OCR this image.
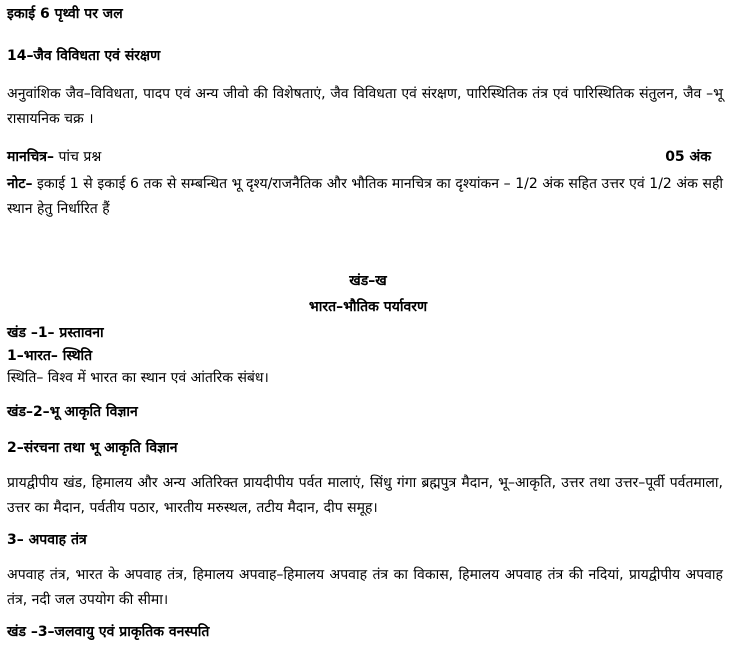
इकाई 6 पृथ्वी पर जल
14–जैव विविधता एवं संरक्षण
अनुवांशिक जैव–विविधता, पादप एवं अन्य जीवो की विशेषताएं, जैव विविधता एवं संरक्षण, पारिस्थितिक तंत्र एवं पारिस्थितिक संतुलन, जैव –भू रासायनिक चक्र ।
मानचित्र– पांच प्रश्न	05 अंक
नोट– इकाई 1 से इकाई 6 तक से सम्बन्धित भू दृश्य/राजनैतिक और भौतिक मानचित्र का दृश्यांकन – 1/2 अंक सहित उत्तर एवं 1/2 अंक सही स्थान हेतु निर्धारित हैं
खंड–ख
भारत–भौतिक पर्यावरण
खंड –1– प्रस्तावना
1–भारत– स्थिति
स्थिति– विश्व में भारत का स्थान एवं आंतरिक संबंध।
खंड–2–भू आकृति विज्ञान
2–संरचना तथा भू आकृति विज्ञान
प्रायद्वीपीय खंड, हिमालय और अन्य अतिरिक्त प्रायदीपीय पर्वत मालाएं, सिंधु गंगा ब्रह्मपुत्र मैदान, भू–आकृति, उत्तर तथा उत्तर–पूर्वी पर्वतमाला, उत्तर का मैदान, पर्वतीय पठार, भारतीय मरुस्थल, तटीय मैदान, दीप समूह।
3– अपवाह तंत्र
अपवाह तंत्र, भारत के अपवाह तंत्र, हिमालय अपवाह–हिमालय अपवाह तंत्र का विकास, हिमालय अपवाह तंत्र की नदियां, प्रायद्वीपीय अपवाह तंत्र, नदी जल उपयोग की सीमा।
खंड –3–जलवायु एवं प्राकृतिक वनस्पति
